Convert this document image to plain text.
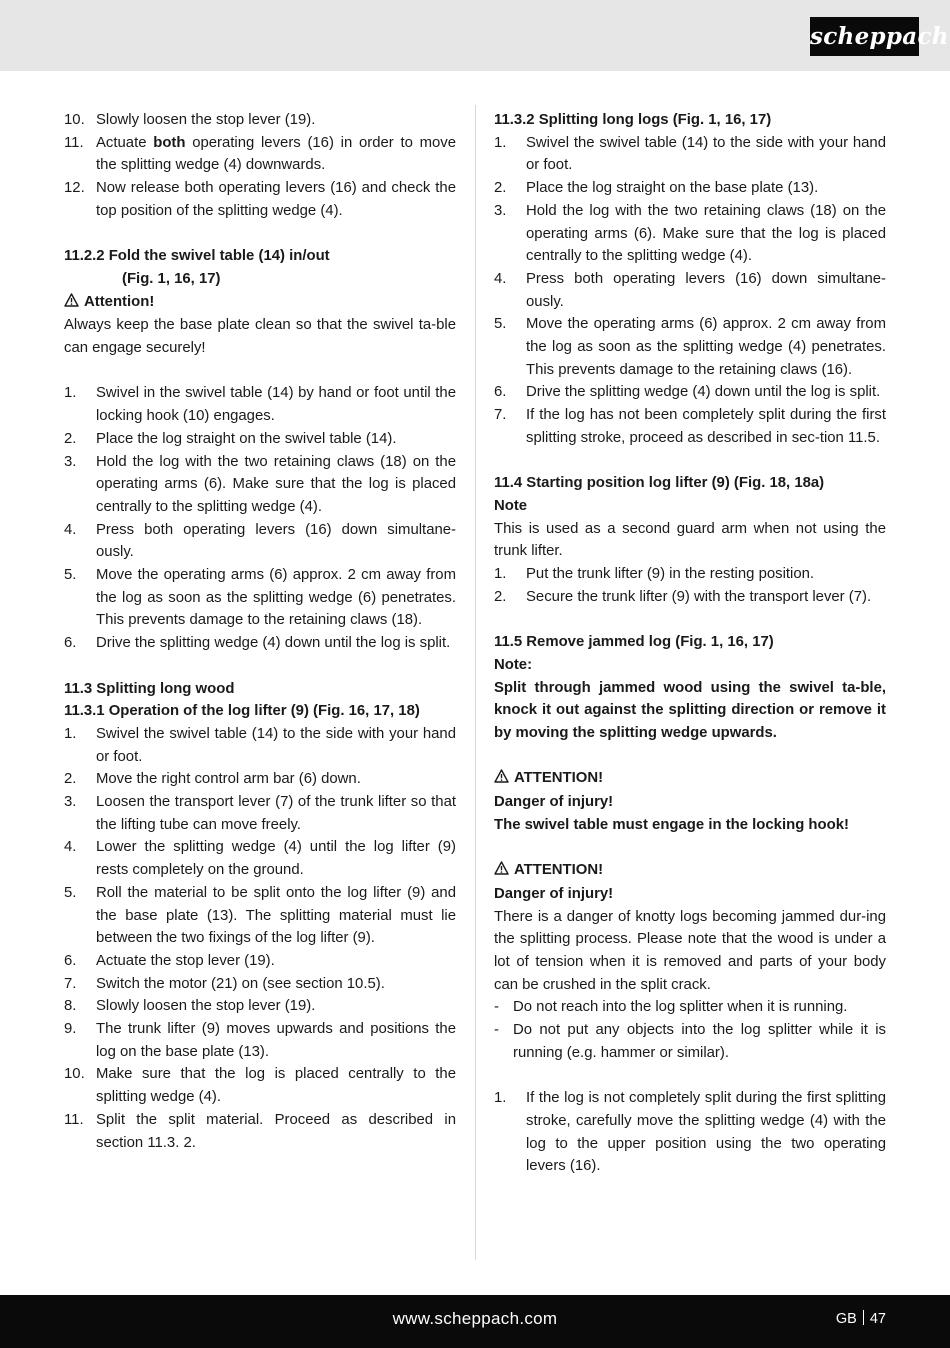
scheppach
10. Slowly loosen the stop lever (19).
11. Actuate both operating levers (16) in order to move the splitting wedge (4) downwards.
12. Now release both operating levers (16) and check the top position of the splitting wedge (4).
11.2.2 Fold the swivel table (14) in/out
(Fig. 1, 16, 17)
Attention!
Always keep the base plate clean so that the swivel ta-ble can engage securely!
1.	Swivel in the swivel table (14) by hand or foot until the locking hook (10) engages.
2.	Place the log straight on the swivel table (14).
3.	Hold the log with the two retaining claws (18) on the operating arms (6). Make sure that the log is placed centrally to the splitting wedge (4).
4.	Press both operating levers (16) down simultane-ously.
5.	Move the operating arms (6) approx. 2 cm away from the log as soon as the splitting wedge (6) penetrates. This prevents damage to the retaining claws (18).
6.	Drive the splitting wedge (4) down until the log is split.
11.3 Splitting long wood
11.3.1 Operation of the log lifter (9) (Fig. 16, 17, 18)
1.	Swivel the swivel table (14) to the side with your hand or foot.
2.	Move the right control arm bar (6) down.
3.	Loosen the transport lever (7) of the trunk lifter so that the lifting tube can move freely.
4.	Lower the splitting wedge (4) until the log lifter (9) rests completely on the ground.
5.	Roll the material to be split onto the log lifter (9) and the base plate (13). The splitting material must lie between the two fixings of the log lifter (9).
6.	Actuate the stop lever (19).
7.	Switch the motor (21) on (see section 10.5).
8.	Slowly loosen the stop lever (19).
9.	The trunk lifter (9) moves upwards and positions the log on the base plate (13).
10. Make sure that the log is placed centrally to the splitting wedge (4).
11. Split the split material. Proceed as described in section 11.3. 2.
11.3.2 Splitting long logs (Fig. 1, 16, 17)
1.	Swivel the swivel table (14) to the side with your hand or foot.
2.	Place the log straight on the base plate (13).
3.	Hold the log with the two retaining claws (18) on the operating arms (6). Make sure that the log is placed centrally to the splitting wedge (4).
4.	Press both operating levers (16) down simultane-ously.
5.	Move the operating arms (6) approx. 2 cm away from the log as soon as the splitting wedge (4) penetrates. This prevents damage to the retaining claws (16).
6.	Drive the splitting wedge (4) down until the log is split.
7.	If the log has not been completely split during the first splitting stroke, proceed as described in sec-tion 11.5.
11.4 Starting position log lifter (9) (Fig. 18, 18a)
Note
This is used as a second guard arm when not using the trunk lifter.
1.	Put the trunk lifter (9) in the resting position.
2.	Secure the trunk lifter (9) with the transport lever (7).
11.5 Remove jammed log (Fig. 1, 16, 17)
Note:
Split through jammed wood using the swivel ta-ble, knock it out against the splitting direction or remove it by moving the splitting wedge upwards.
ATTENTION!
Danger of injury!
The swivel table must engage in the locking hook!
ATTENTION!
Danger of injury!
There is a danger of knotty logs becoming jammed dur-ing the splitting process. Please note that the wood is under a lot of tension when it is removed and parts of your body can be crushed in the split crack.
- Do not reach into the log splitter when it is running.
- Do not put any objects into the log splitter while it is running (e.g. hammer or similar).
1.	If the log is not completely split during the first splitting stroke, carefully move the splitting wedge (4) with the log to the upper position using the two operating levers (16).
www.scheppach.com	GB 47
